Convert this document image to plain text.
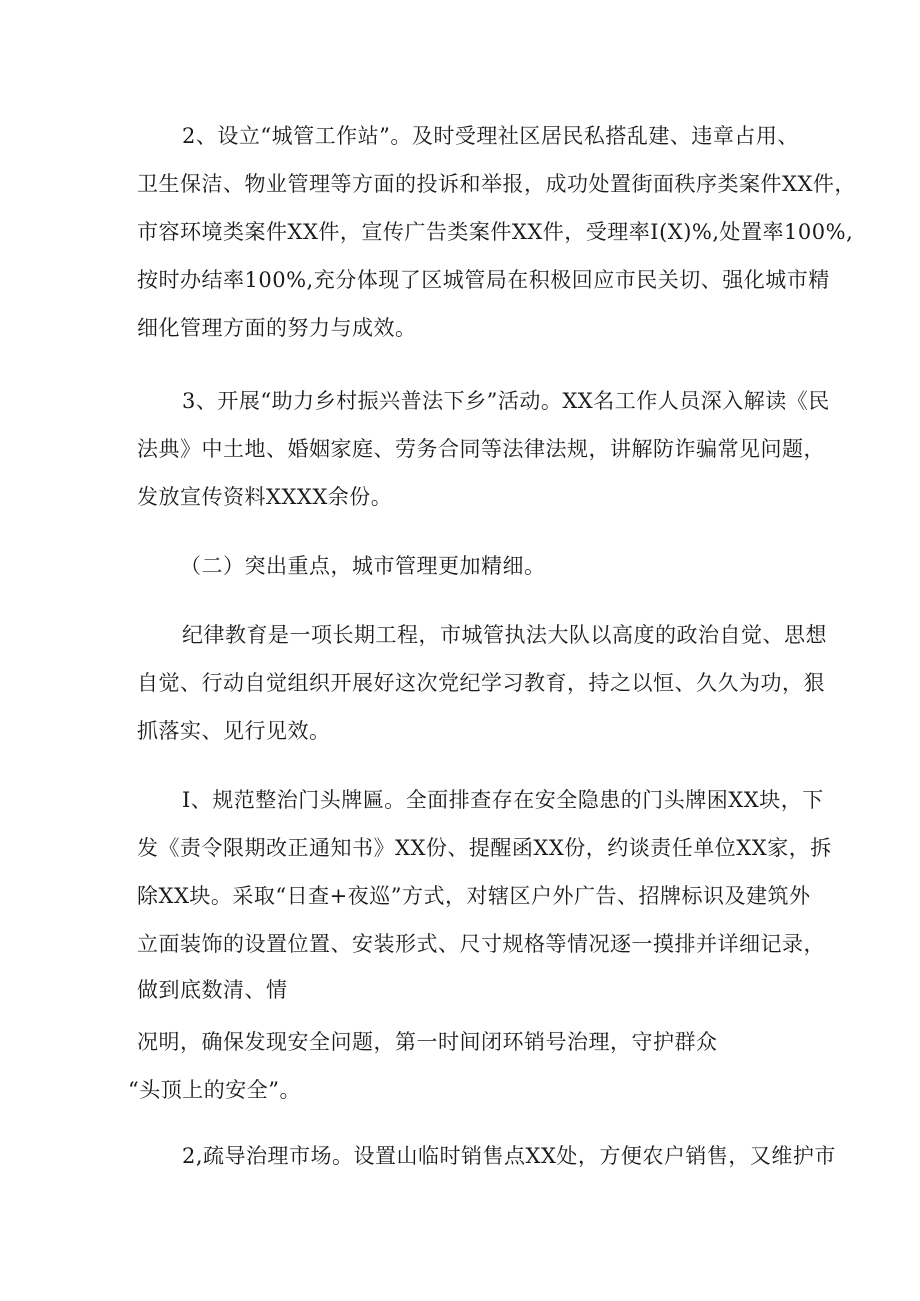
2、设立“城管工作站”。及时受理社区居民私搭乱建、违章占用、
卫生保洁、物业管理等方面的投诉和举报，成功处置街面秩序类案件XX件，
市容环境类案件XX件，宣传广告类案件XX件，受理率I(X)%,处置率100%,
按时办结率100%,充分体现了区城管局在积极回应市民关切、强化城市精
细化管理方面的努力与成效。
3、开展“助力乡村振兴普法下乡”活动。XX名工作人员深入解读《民
法典》中土地、婚姻家庭、劳务合同等法律法规，讲解防诈骗常见问题，
发放宣传资料XXXX余份。
（二）突出重点，城市管理更加精细。
纪律教育是一项长期工程，市城管执法大队以高度的政治自觉、思想
自觉、行动自觉组织开展好这次党纪学习教育，持之以恒、久久为功，狠
抓落实、见行见效。
I、规范整治门头牌匾。全面排查存在安全隐患的门头牌困XX块，下
发《责令限期改正通知书》XX份、提醒函XX份，约谈责任单位XX家，拆
除XX块。采取“日查+夜巡”方式，对辖区户外广告、招牌标识及建筑外
立面装饰的设置位置、安装形式、尺寸规格等情况逐一摸排并详细记录，
做到底数清、情
况明，确保发现安全问题，第一时间闭环销号治理，守护群众
“头顶上的安全”。
2,疏导治理市场。设置山临时销售点XX处，方便农户销售，又维护市
